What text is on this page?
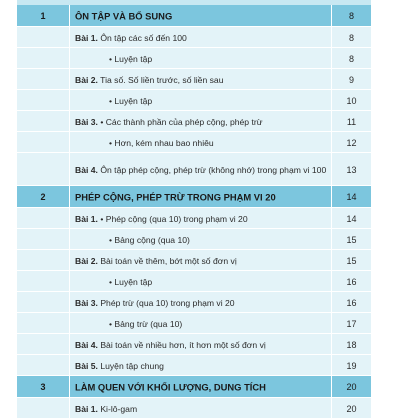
1	ÔN TẬP VÀ BỔ SUNG	8
Bài 1. Ôn tập các số đến 100	8
• Luyện tập	8
Bài 2. Tia số. Số liền trước, số liền sau	9
• Luyện tập	10
Bài 3. • Các thành phần của phép cộng, phép trừ	11
• Hơn, kém nhau bao nhiêu	12
Bài 4. Ôn tập phép cộng, phép trừ (không nhớ) trong phạm vi 100	13
2	PHÉP CỘNG, PHÉP TRỪ TRONG PHẠM VI 20	14
Bài 1. • Phép cộng (qua 10) trong phạm vi 20	14
• Bảng cộng (qua 10)	15
Bài 2. Bài toán về thêm, bớt một số đơn vị	15
• Luyện tập	16
Bài 3. Phép trừ (qua 10) trong phạm vi 20	16
• Bảng trừ (qua 10)	17
Bài 4. Bài toán về nhiều hơn, ít hơn một số đơn vị	18
Bài 5. Luyện tập chung	19
3	LÀM QUEN VỚI KHỐI LƯỢNG, DUNG TÍCH	20
Bài 1. Ki-lô-gam	20
